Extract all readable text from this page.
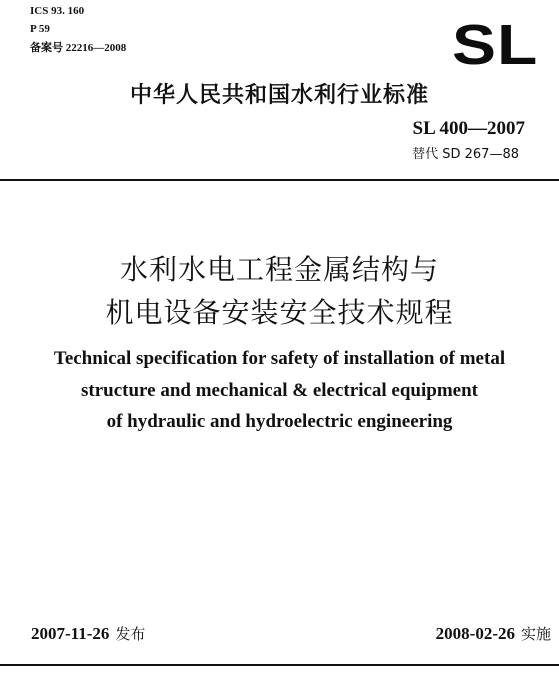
ICS 93. 160
P 59
备案号 22216—2008	SL
中华人民共和国水利行业标准
SL 400—2007
替代 SD 267—88
水利水电工程金属结构与
机电设备安装安全技术规程
Technical specification for safety of installation of metal
structure and mechanical & electrical equipment
of hydraulic and hydroelectric engineering
2007-11-26 发布	2008-02-26 实施
